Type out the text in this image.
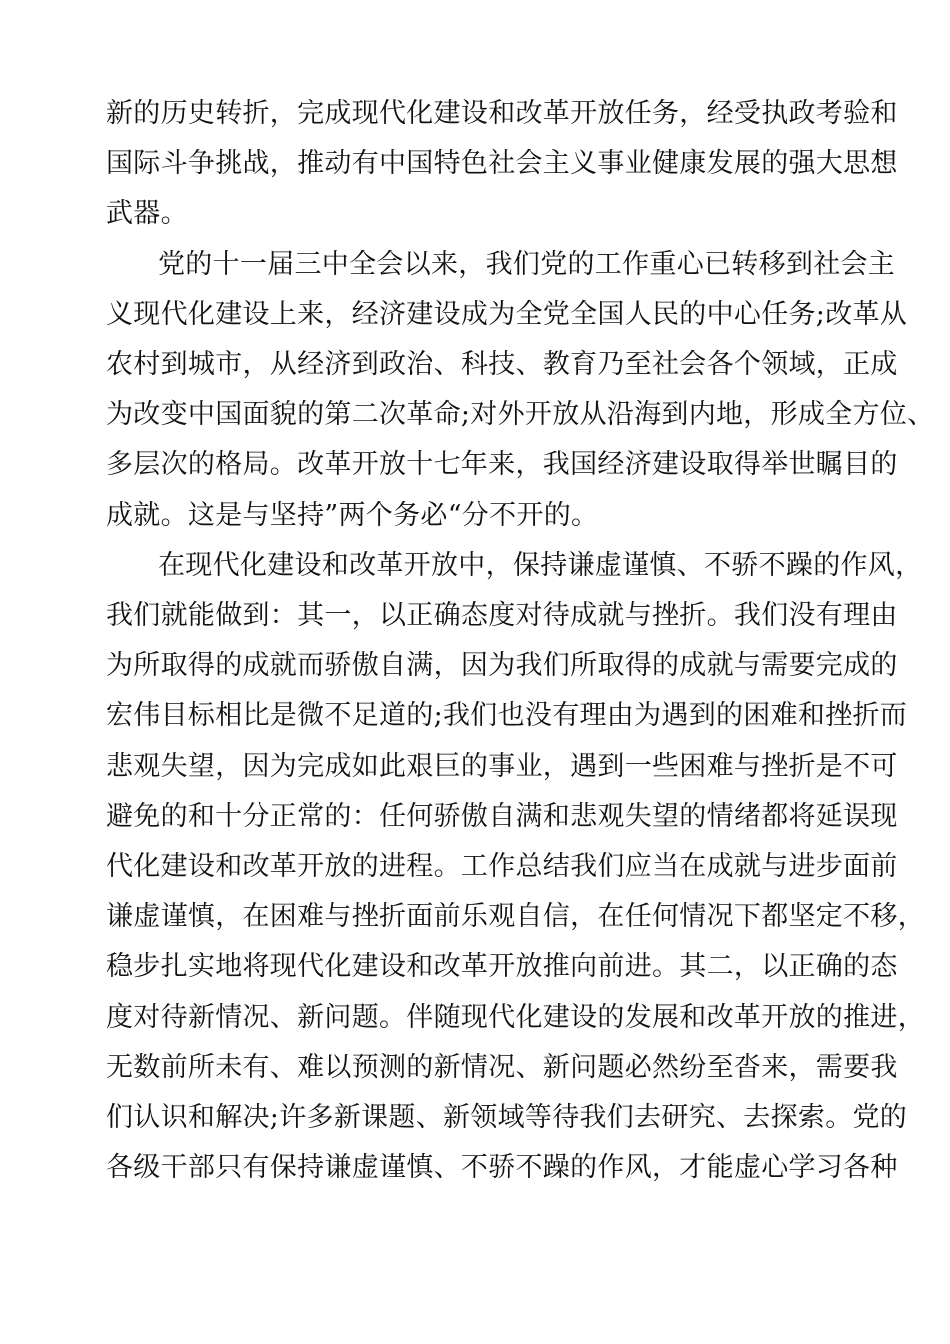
新的历史转折，完成现代化建设和改革开放任务，经受执政考验和
国际斗争挑战，推动有中国特色社会主义事业健康发展的强大思想
武器。
党的十一届三中全会以来，我们党的工作重心已转移到社会主
义现代化建设上来，经济建设成为全党全国人民的中心任务;改革从
农村到城市，从经济到政治、科技、教育乃至社会各个领域，正成
为改变中国面貌的第二次革命;对外开放从沿海到内地，形成全方位、
多层次的格局。改革开放十七年来，我国经济建设取得举世瞩目的
成就。这是与坚持”两个务必“分不开的。
在现代化建设和改革开放中，保持谦虚谨慎、不骄不躁的作风，
我们就能做到：其一，以正确态度对待成就与挫折。我们没有理由
为所取得的成就而骄傲自满，因为我们所取得的成就与需要完成的
宏伟目标相比是微不足道的;我们也没有理由为遇到的困难和挫折而
悲观失望，因为完成如此艰巨的事业，遇到一些困难与挫折是不可
避免的和十分正常的：任何骄傲自满和悲观失望的情绪都将延误现
代化建设和改革开放的进程。工作总结我们应当在成就与进步面前
谦虚谨慎，在困难与挫折面前乐观自信，在任何情况下都坚定不移，
稳步扎实地将现代化建设和改革开放推向前进。其二，以正确的态
度对待新情况、新问题。伴随现代化建设的发展和改革开放的推进，
无数前所未有、难以预测的新情况、新问题必然纷至沓来，需要我
们认识和解决;许多新课题、新领域等待我们去研究、去探索。党的
各级干部只有保持谦虚谨慎、不骄不躁的作风，才能虚心学习各种
